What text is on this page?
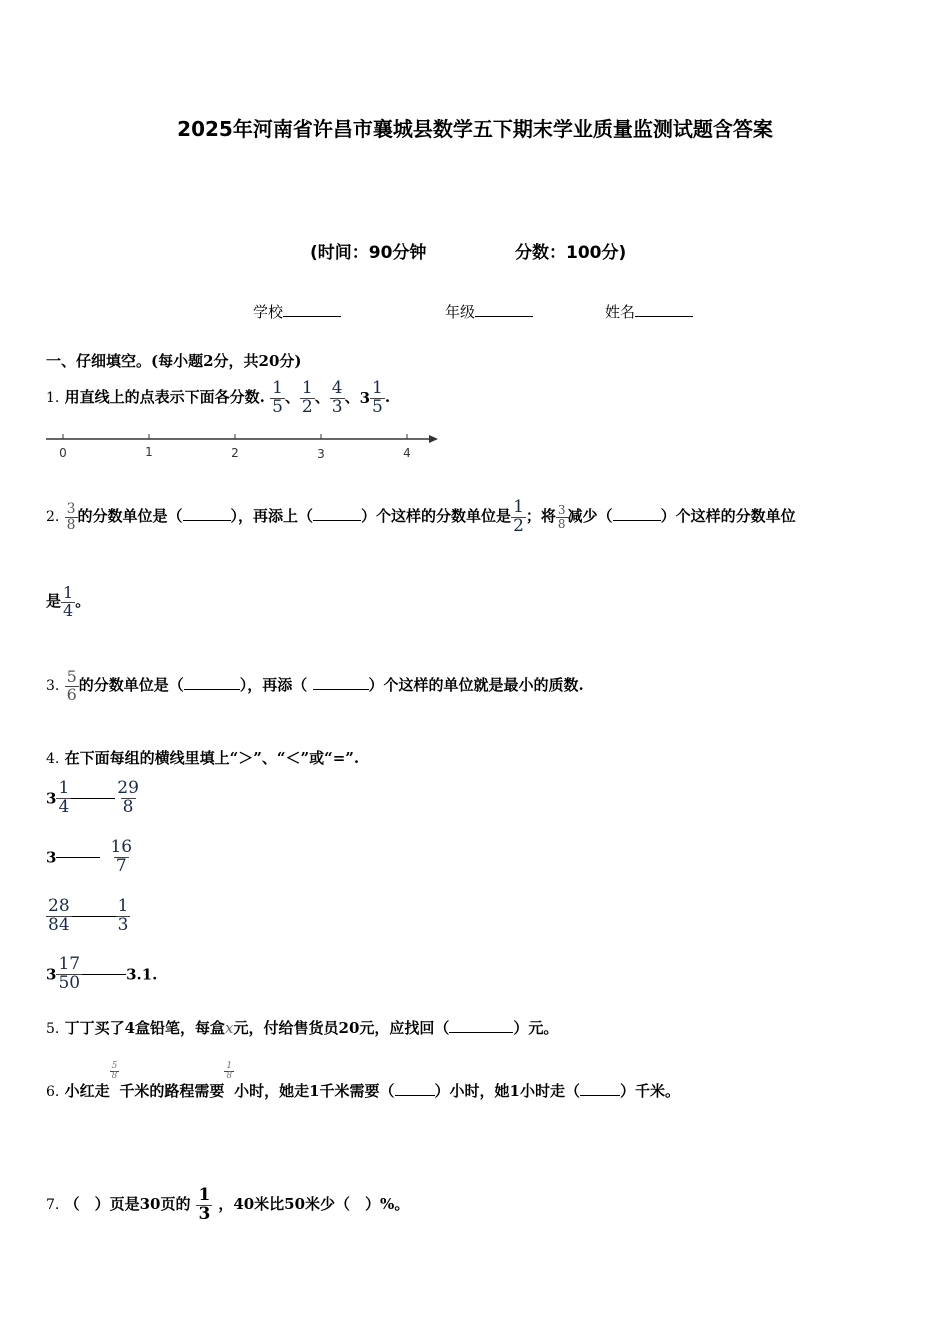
2025年河南省许昌市襄城县数学五下期末学业质量监测试题含答案
(时间：90分钟	分数：100分)
学校	年级	姓名
一、仔细填空。(每小题2分，共20分)
1. 用直线上的点表示下面各分数. $\frac{1}{5}$ 、 $\frac{1}{2}$ 、 $\frac{4}{3}$ 、$3 \frac{1}{5}$ .
0	1	2	3	4
2. $\frac{3}{8}$ 的分数单位是（	），再添上（	）个这样的分数单位是 $\frac{1}{2}$ ；将 $\frac{3}{8}$ 减少（	）个这样的分数单位
是 $\frac{1}{4}$ 。
3. $\frac{5}{6}$ 的分数单位是（	），再添（	）个这样的单位就是最小的质数.
4. 在下面每组的横线里填上“＞”、“＜”或“=”.
$3 \frac{1}{4}$	$\frac{29}{8}$
3	$\frac{16}{7}$
$\frac{28}{84}$	$\frac{1}{3}$
$3 \frac{17}{50}$	3.1.
5. 丁丁买了4盒铅笔，每盒x元，付给售货员20元，应找回（	）元。
6. 小红走
$\frac{5}{8}$
千米的路程需要
$\frac{1}{8}$
小时，她走1千米需要（	）小时，她1小时走（	）千米。
7. （　）页是30页的 $\frac{1}{3}$ ，40米比50米少（　）%。
